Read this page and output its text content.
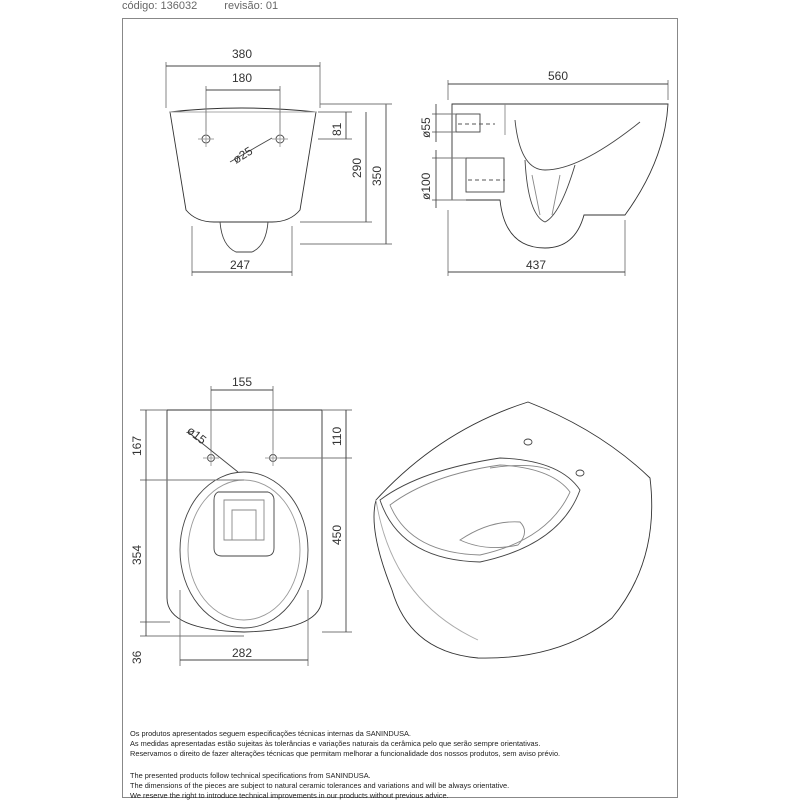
código: 136032 revisão: 01
380
180
ø25
81
290 350
247
560
ø55
ø100
437
155
ø15
167	110
354
450
36	282

Os produtos apresentados seguem especificações técnicas internas da SANINDUSA.

As medidas apresentadas estão sujeitas às tolerâncias e variações naturais da cerâmica pelo que serão sempre orientativas.

Reservamos o direito de fazer alterações técnicas que permitam melhorar a funcionalidade dos nossos produtos, sem aviso prévio.

The presented products follow technical specifications from SANINDUSA.

The dimensions of the pieces are subject to natural ceramic tolerances and variations and will be always orientative.

We reserve the right to introduce technical improvements in our products without previous advice.
